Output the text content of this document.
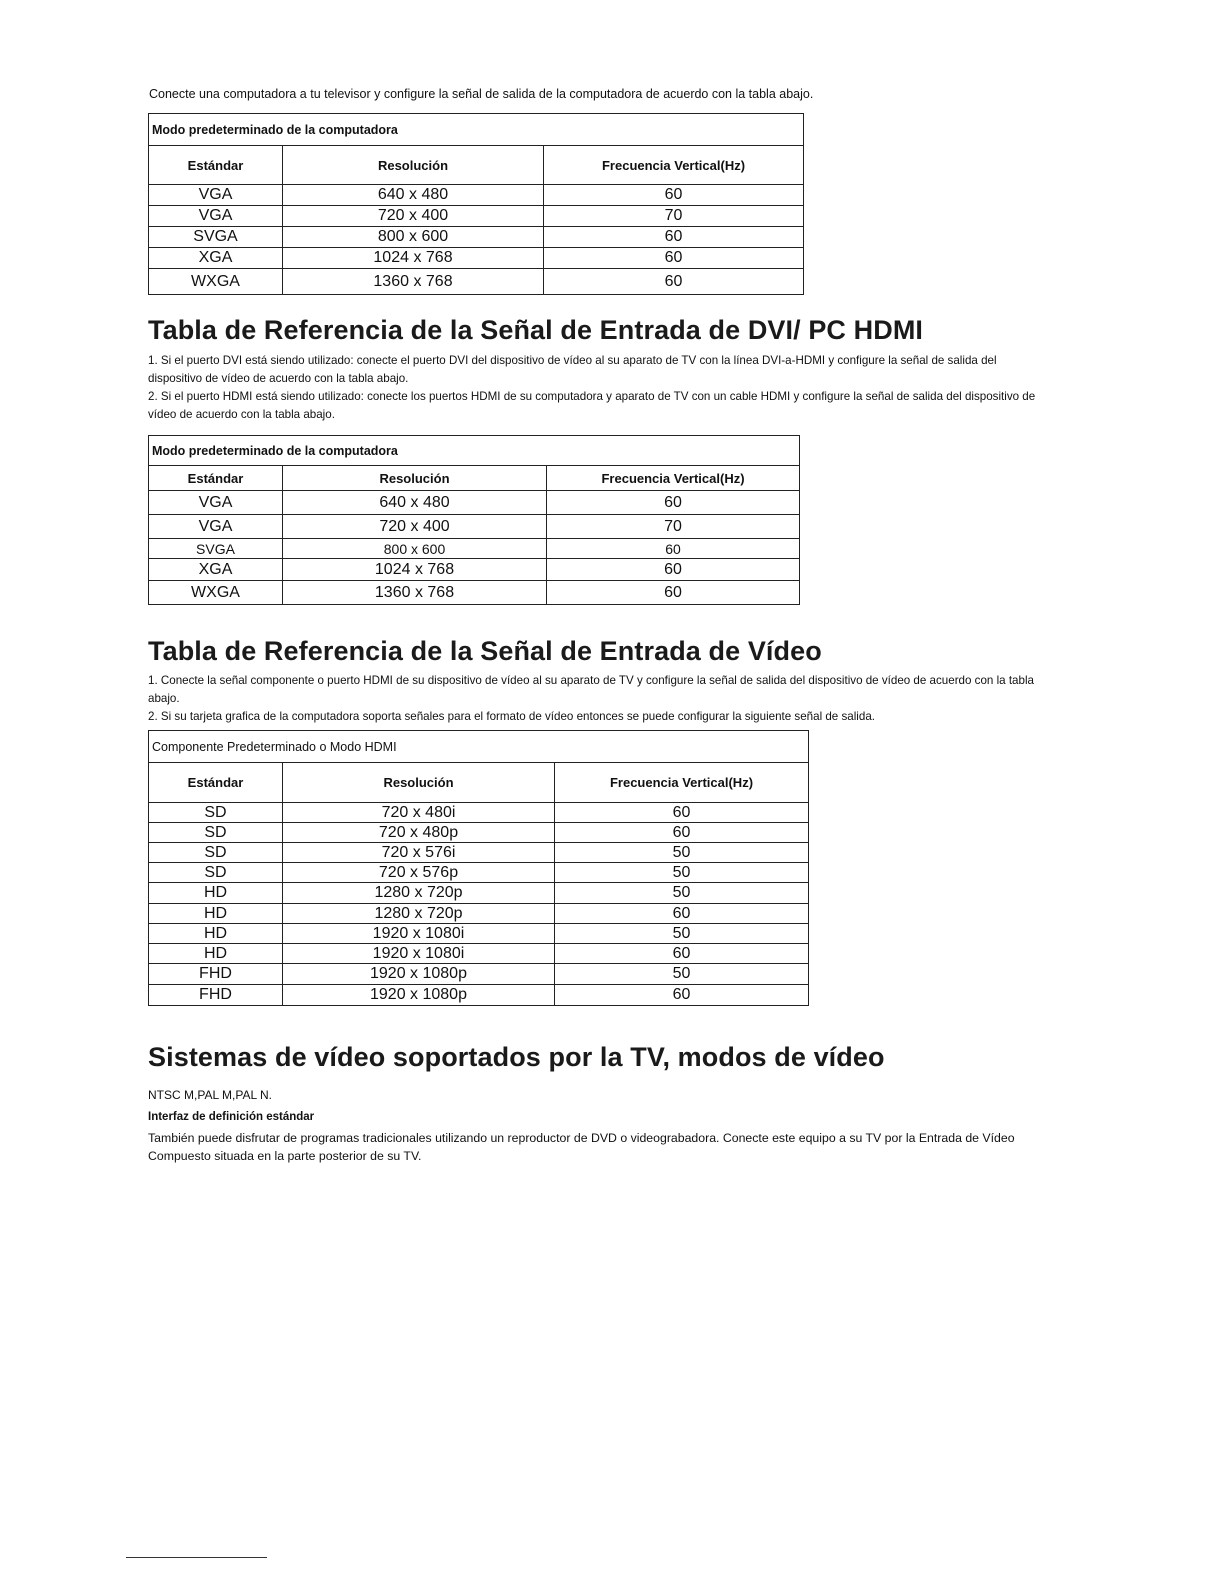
Conecte una computadora a tu televisor y configure la señal de salida de la computadora de acuerdo con la tabla abajo.

Modo predeterminado de la computadora		
Estándar	Resolución	Frecuencia Vertical(Hz)
VGA	640 x 480	60
VGA	720 x 400	70
SVGA	800 x 600	60
XGA	1024 x 768	60
WXGA	1360 x 768	60
Tabla de Referencia de la Señal de Entrada de DVI/ PC HDMI

1. Si el puerto DVI está siendo utilizado: conecte el puerto DVI del dispositivo de vídeo al su aparato de TV con la línea DVI-a-HDMI y configure la señal de salida del dispositivo de vídeo de acuerdo con la tabla abajo.

2. Si el puerto HDMI está siendo utilizado: conecte los puertos HDMI de su computadora y aparato de TV con un cable HDMI y configure la señal de salida del dispositivo de vídeo de acuerdo con la tabla abajo.

Modo predeterminado de la computadora		
Estándar	Resolución	Frecuencia Vertical(Hz)
VGA	640 x 480	60
VGA	720 x 400	70
SVGA	800 x 600	60
XGA	1024 x 768	60
WXGA	1360 x 768	60
Tabla de Referencia de la Señal de Entrada de Vídeo

1. Conecte la señal componente o puerto HDMI de su dispositivo de vídeo al su aparato de TV y configure la señal de salida del dispositivo de vídeo de acuerdo con la tabla abajo.

2. Si su tarjeta grafica de la computadora soporta señales para el formato de vídeo entonces se puede configurar la siguiente señal de salida.

Componente Predeterminado o Modo HDMI		
Estándar	Resolución	Frecuencia Vertical(Hz)
SD	720 x 480i	60
SD	720 x 480p	60
SD	720 x 576i	50
SD	720 x 576p	50
HD	1280 x 720p	50
HD	1280 x 720p	60
HD	1920 x 1080i	50
HD	1920 x 1080i	60
FHD	1920 x 1080p	50
FHD	1920 x 1080p	60
Sistemas de vídeo soportados por la TV, modos de vídeo

NTSC M,PAL M,PAL N.

Interfaz de definición estándar

También puede disfrutar de programas tradicionales utilizando un reproductor de DVD o videograbadora. Conecte este equipo a su TV por la Entrada de Vídeo Compuesto situada en la parte posterior de su TV.
